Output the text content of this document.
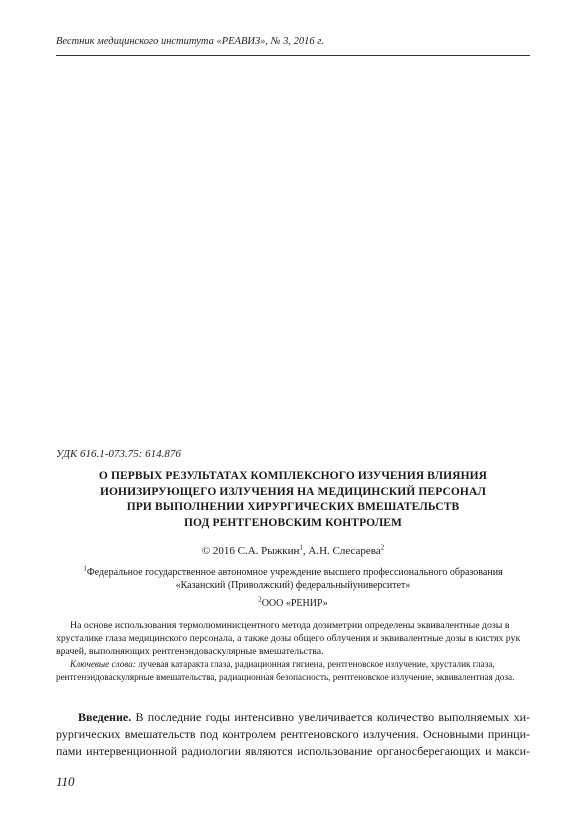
Вестник медицинского института «РЕАВИЗ», № 3, 2016 г.
УДК 616.1-073.75: 614.876
О ПЕРВЫХ РЕЗУЛЬТАТАХ КОМПЛЕКСНОГО ИЗУЧЕНИЯ ВЛИЯНИЯ
ИОНИЗИРУЮЩЕГО ИЗЛУЧЕНИЯ НА МЕДИЦИНСКИЙ ПЕРСОНАЛ
ПРИ ВЫПОЛНЕНИИ ХИРУРГИЧЕСКИХ ВМЕШАТЕЛЬСТВ
ПОД РЕНТГЕНОВСКИМ КОНТРОЛЕМ
© 2016 С.А. Рыжкин$^1$, А.Н. Слесарева$^2$
$^1$Федеральное государственное автономное учреждение высшего профессионального образования
«Казанский (Приволжский) федеральныйуниверситет»
$^2$ООО «РЕНИР»
На основе использования термолюминисцентного метода дозиметрии определены эквивалентные дозы в
хрусталике глаза медицинского персонала, а также дозы общего облучения и эквивалентные дозы в кистях рук
врачей, выполняющих рентгенэндоваскулярные вмешательства.
Ключевые слова: лучевая катаракта глаза, радиационная гигиена, рентгеновское излучение, хрусталик глаза,
рентгенэндоваскулярные вмешательства, радиационная безопасность, рентгеновское излучение, эквивалентная доза.
Введение. В последние годы интенсивно увеличивается количество выполняемых хи-
рургических вмешательств под контролем рентгеновского излучения. Основными принци-
пами интервенционной радиологии являются использование органосберегающих и макси-
110
